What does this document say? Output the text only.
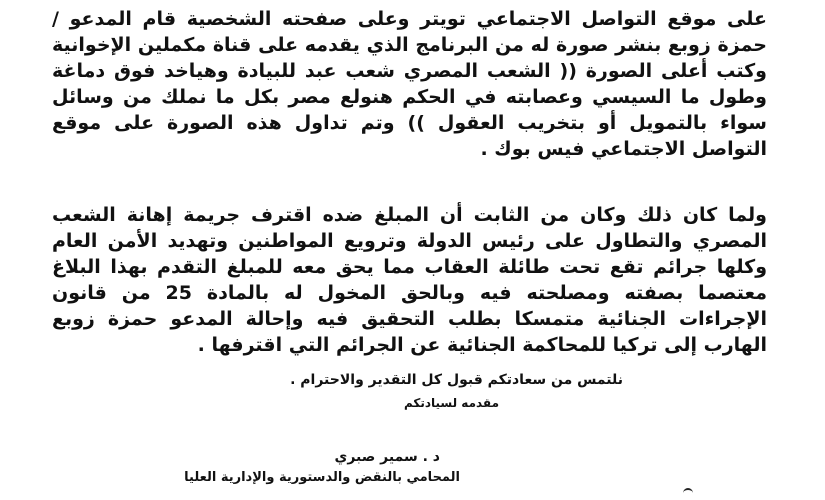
على موقع التواصل الاجتماعي تويتر وعلى صفحته الشخصية قام المدعو / حمزة زوبع بنشر صورة له من البرنامج الذي يقدمه على قناة مكملين الإخوانية وكتب أعلى الصورة (( الشعب المصري شعب عبد للبيادة وهياخد فوق دماغة وطول ما السيسي وعصابته في الحكم هنولع مصر بكل ما نملك من وسائل سواء بالتمويل أو بتخريب العقول )) وتم تداول هذه الصورة على موقع التواصل الاجتماعي فيس بوك .

ولما كان ذلك وكان من الثابت أن المبلغ ضده اقترف جريمة إهانة الشعب المصري والتطاول على رئيس الدولة وترويع المواطنين وتهديد الأمن العام وكلها جرائم تقع تحت طائلة العقاب مما يحق معه للمبلغ التقدم بهذا البلاغ معتصما بصفته ومصلحته فيه وبالحق المخول له بالمادة 25 من قانون الإجراءات الجنائية متمسكا بطلب التحقيق فيه وإحالة المدعو حمزة زوبع الهارب إلى تركيا للمحاكمة الجنائية عن الجرائم التي اقترفها .

نلتمس من سعادتكم قبول كل التقدير والاحترام .
مقدمه لسيادتكم
د . سمير صبري
المحامي بالنقض والدستورية والإدارية العليا
